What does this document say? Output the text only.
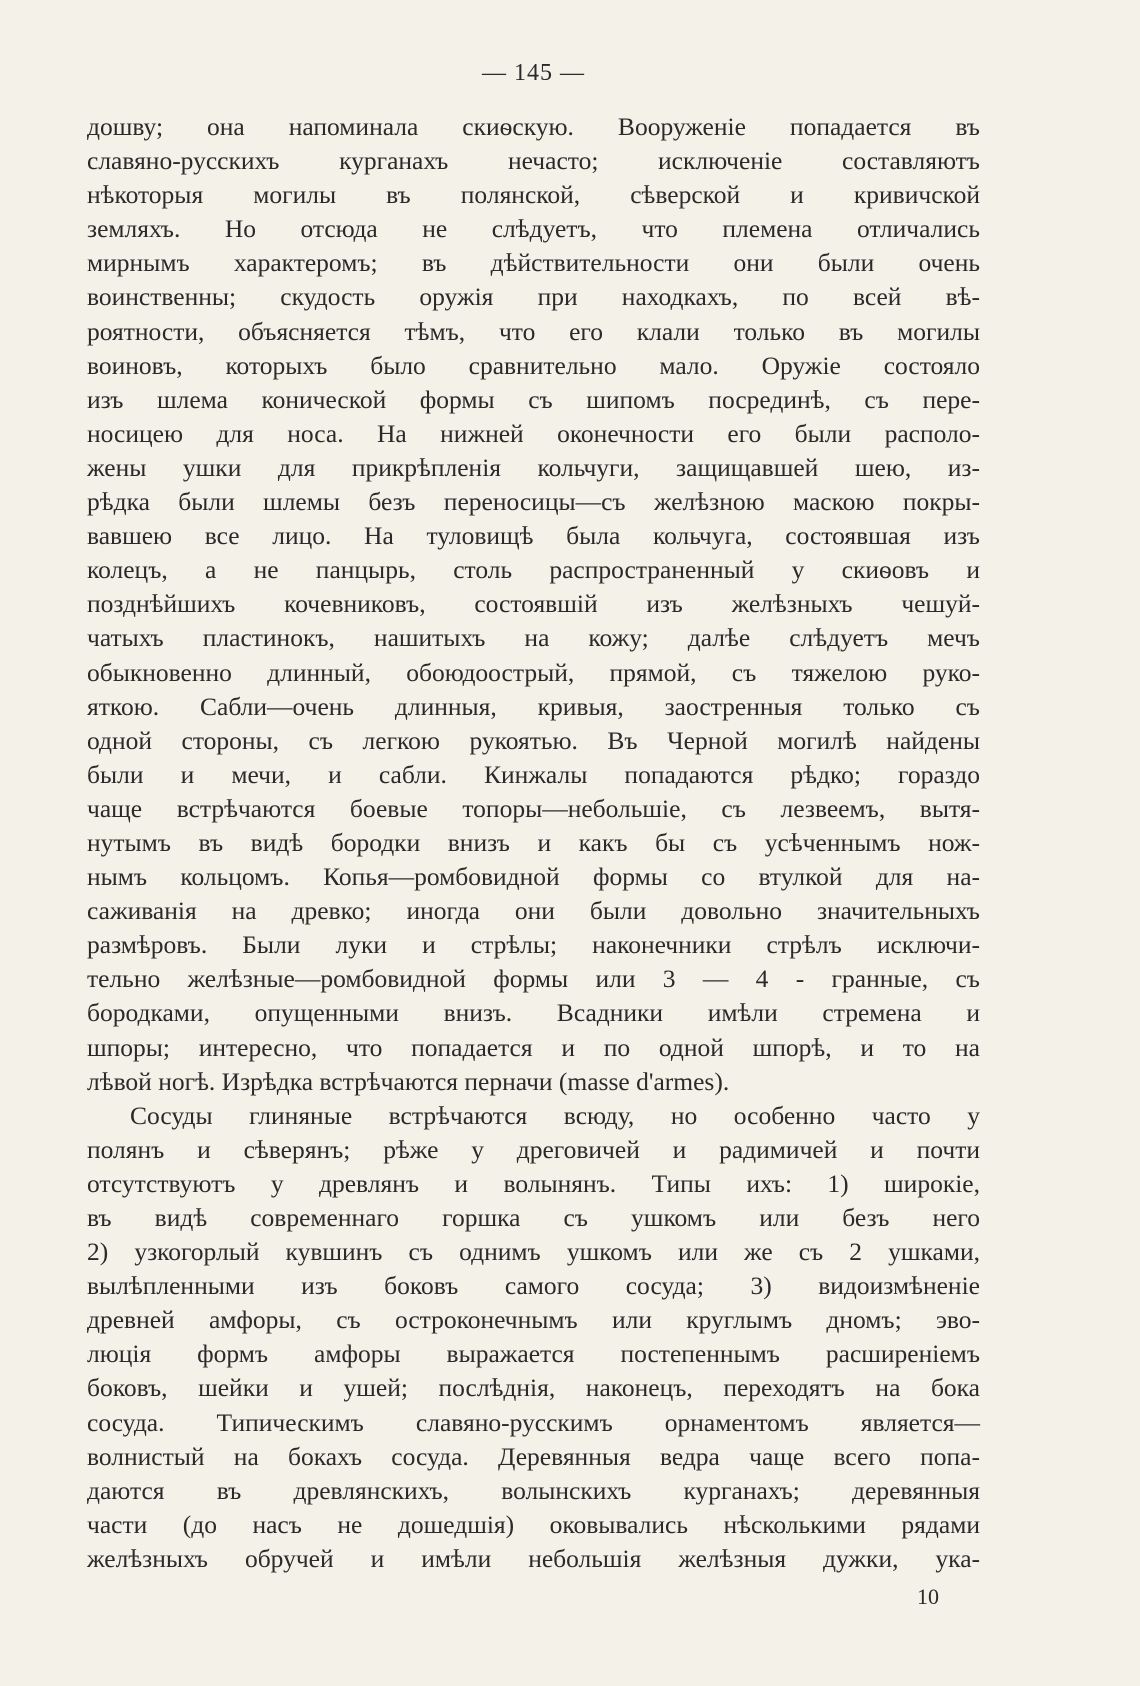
— 145 —
дошву; она напоминала скиѳскую. Вооруженіе попадается въ
славяно-русскихъ курганахъ нечасто; исключеніе составляютъ
нѣкоторыя могилы въ полянской, сѣверской и кривичской
земляхъ. Но отсюда не слѣдуетъ, что племена отличались
мирнымъ характеромъ; въ дѣйствительности они были очень
воинственны; скудость оружія при находкахъ, по всей вѣ-
роятности, объясняется тѣмъ, что его клали только въ могилы
воиновъ, которыхъ было сравнительно мало. Оружіе состояло
изъ шлема конической формы съ шипомъ посрединѣ, съ пере-
носицею для носа. На нижней оконечности его были располо-
жены ушки для прикрѣпленія кольчуги, защищавшей шею, из-
рѣдка были шлемы безъ переносицы—съ желѣзною маскою покры-
вавшею все лицо. На туловищѣ была кольчуга, состоявшая изъ
колецъ, а не панцырь, столь распространенный у скиѳовъ и
позднѣйшихъ кочевниковъ, состоявшій изъ желѣзныхъ чешуй-
чатыхъ пластинокъ, нашитыхъ на кожу; далѣе слѣдуетъ мечъ
обыкновенно длинный, обоюдоострый, прямой, съ тяжелою руко-
яткою. Сабли—очень длинныя, кривыя, заостренныя только съ
одной стороны, съ легкою рукоятью. Въ Черной могилѣ найдены
были и мечи, и сабли. Кинжалы попадаются рѣдко; гораздо
чаще встрѣчаются боевые топоры—небольшіе, съ лезвеемъ, вытя-
нутымъ въ видѣ бородки внизъ и какъ бы съ усѣченнымъ нож-
нымъ кольцомъ. Копья—ромбовидной формы со втулкой для на-
саживанія на древко; иногда они были довольно значительныхъ
размѣровъ. Были луки и стрѣлы; наконечники стрѣлъ исключи-
тельно желѣзные—ромбовидной формы или 3 — 4 - гранные, съ
бородками, опущенными внизъ. Всадники имѣли стремена и
шпоры; интересно, что попадается и по одной шпорѣ, и то на
лѣвой ногѣ. Изрѣдка встрѣчаются перначи (masse d'armes).
Сосуды глиняные встрѣчаются всюду, но особенно часто у
полянъ и сѣверянъ; рѣже у дреговичей и радимичей и почти
отсутствуютъ у древлянъ и волынянъ. Типы ихъ: 1) широкіе,
въ видѣ современнаго горшка съ ушкомъ или безъ него
2) узкогорлый кувшинъ съ однимъ ушкомъ или же съ 2 ушками,
вылѣпленными изъ боковъ самого сосуда; 3) видоизмѣненіе
древней амфоры, съ остроконечнымъ или круглымъ дномъ; эво-
люція формъ амфоры выражается постепеннымъ расширеніемъ
боковъ, шейки и ушей; послѣднія, наконецъ, переходятъ на бока
сосуда. Типическимъ славяно-русскимъ орнаментомъ является—
волнистый на бокахъ сосуда. Деревянныя ведра чаще всего попа-
даются въ древлянскихъ, волынскихъ курганахъ; деревянныя
части (до насъ не дошедшія) оковывались нѣсколькими рядами
желѣзныхъ обручей и имѣли небольшія желѣзныя дужки, ука-
10
